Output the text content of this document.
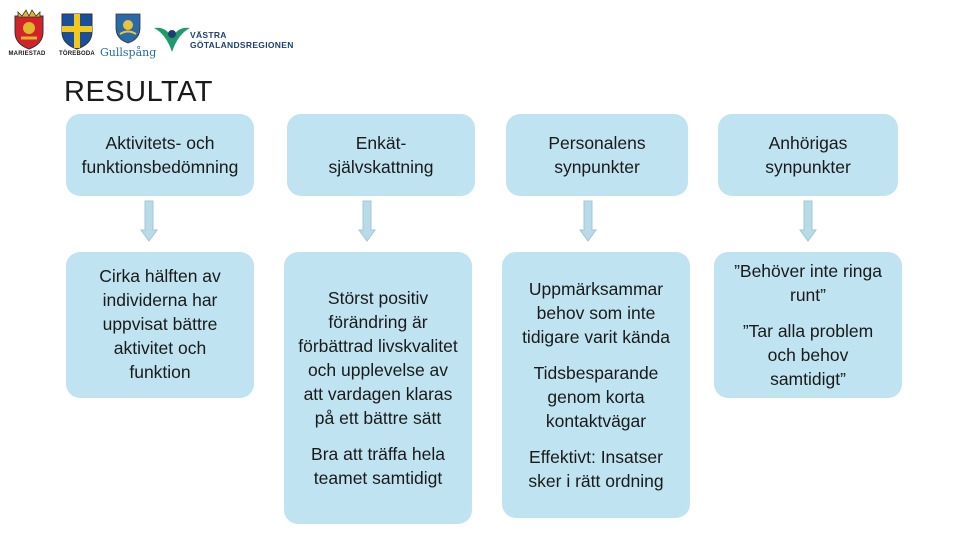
MARIESTAD	TÖREBODA Gullspång
VÄSTRA
GÖTALANDSREGIONEN
RESULTAT
Aktivitets- och funktionsbedömning
Enkät- självskattning
Personalens synpunkter
Anhörigas synpunkter
Cirka hälften av individerna har uppvisat bättre aktivitet och funktion
Störst positiv förändring är förbättrad livskvalitet och upplevelse av att vardagen klaras på ett bättre sätt
Bra att träffa hela teamet samtidigt
Uppmärksammar behov som inte tidigare varit kända
Tidsbesparande genom korta kontaktvägar
Effektivt: Insatser sker i rätt ordning
”Behöver inte ringa runt”
”Tar alla problem och behov samtidigt”
